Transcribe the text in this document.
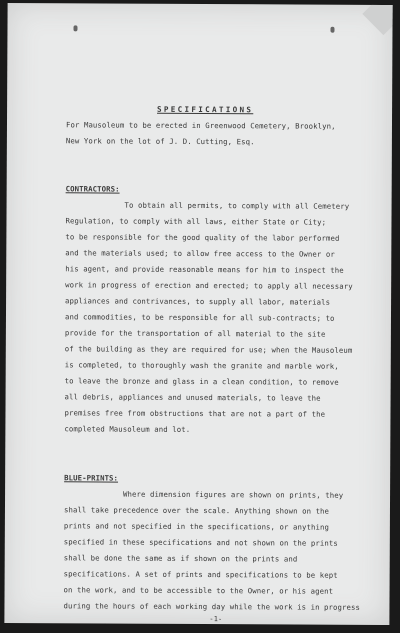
SPECIFICATIONS
For Mausoleum to be erected in Greenwood Cemetery, Brooklyn,
New York on the lot of J. D. Cutting, Esq.
CONTRACTORS:
To obtain all permits, to comply with all Cemetery
Regulation, to comply with all laws, either State or City;
to be responsible for the good quality of the labor performed
and the materials used; to allow free access to the Owner or
his agent, and provide reasonable means for him to inspect the
work in progress of erection and erected; to apply all necessary
appliances and contrivances, to supply all labor, materials
and commodities, to be responsible for all sub-contracts; to
provide for the transportation of all material to the site
of the building as they are required for use; when the Mausoleum
is completed, to thoroughly wash the granite and marble work,
to leave the bronze and glass in a clean condition, to remove
all debris, appliances and unused materials, to leave the
premises free from obstructions that are not a part of the
completed Mausoleum and lot.
BLUE-PRINTS:
Where dimension figures are shown on prints, they
shall take precedence over the scale. Anything shown on the
prints and not specified in the specifications, or anything
specified in these specifications and not shown on the prints
shall be done the same as if shown on the prints and
specifications. A set of prints and specifications to be kept
on the work, and to be accessible to the Owner, or his agent
during the hours of each working day while the work is in progress
-1-
